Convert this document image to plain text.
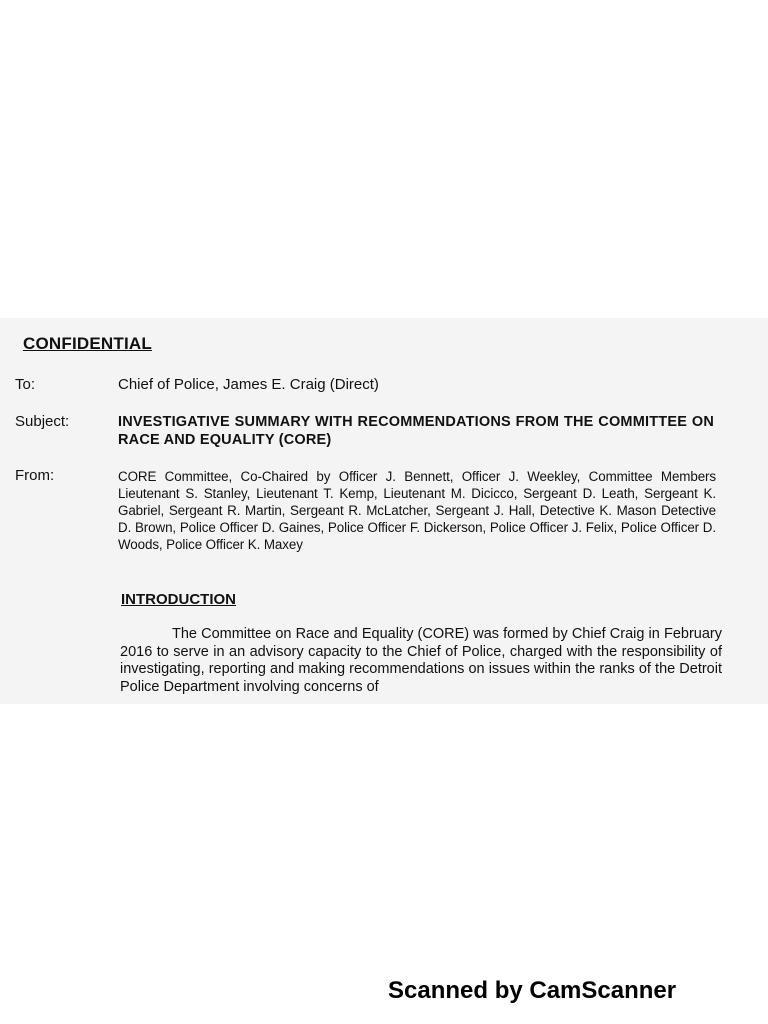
CONFIDENTIAL
To:	Chief of Police, James E. Craig (Direct)
Subject:	INVESTIGATIVE SUMMARY WITH RECOMMENDATIONS FROM THE COMMITTEE ON RACE AND EQUALITY (CORE)
From:	CORE Committee, Co-Chaired by Officer J. Bennett, Officer J. Weekley, Committee Members Lieutenant S. Stanley, Lieutenant T. Kemp, Lieutenant M. Dicicco, Sergeant D. Leath, Sergeant K. Gabriel, Sergeant R. Martin, Sergeant R. McLatcher, Sergeant J. Hall, Detective K. Mason Detective D. Brown, Police Officer D. Gaines, Police Officer F. Dickerson, Police Officer J. Felix, Police Officer D. Woods, Police Officer K. Maxey
INTRODUCTION
The Committee on Race and Equality (CORE) was formed by Chief Craig in February 2016 to serve in an advisory capacity to the Chief of Police, charged with the responsibility of investigating, reporting and making recommendations on issues within the ranks of the Detroit Police Department involving concerns of
Scanned by CamScanner
